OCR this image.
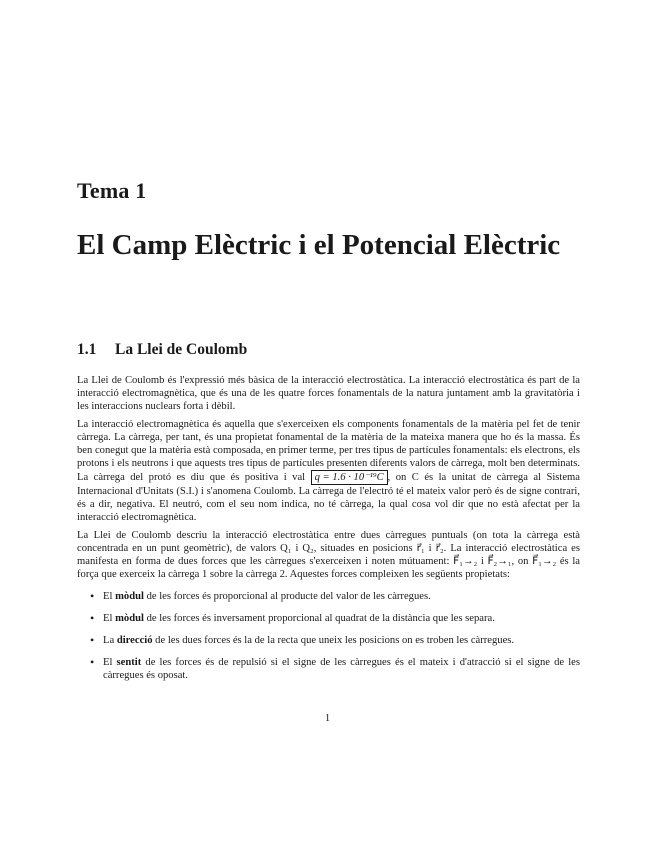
Tema 1
El Camp Elèctric i el Potencial Elèctric
1.1 La Llei de Coulomb

La Llei de Coulomb és l'expressió més bàsica de la interacció electrostàtica. La interacció electrostàtica és part de la interacció electromagnètica, que és una de les quatre forces fonamentals de la natura juntament amb la gravitatòria i les interaccions nuclears forta i dèbil.

La interacció electromagnètica és aquella que s'exerceixen els components fonamentals de la matèria pel fet de tenir càrrega. La càrrega, per tant, és una propietat fonamental de la matèria de la mateixa manera que ho és la massa. És ben conegut que la matèria està composada, en primer terme, per tres tipus de partícules fonamentals: els electrons, els protons i els neutrons i que aquests tres tipus de partícules presenten diferents valors de càrrega, molt ben determinats. La càrrega del protó es diu que és positiva i val q = 1.6 · 10⁻¹⁹C , on C és la unitat de càrrega al Sistema Internacional d'Unitats (S.I.) i s'anomena Coulomb. La càrrega de l'electró té el mateix valor però és de signe contrari, és a dir, negativa. El neutró, com el seu nom indica, no té càrrega, la qual cosa vol dir que no està afectat per la interacció electromagnètica.

La Llei de Coulomb descriu la interacció electrostàtica entre dues càrregues puntuals (on tota la càrrega està concentrada en un punt geomètric), de valors Q₁ i Q₂, situades en posicions r⃗₁ i r⃗₂. La interacció electrostàtica es manifesta en forma de dues forces que les càrregues s'exerceixen i noten mútuament: F⃗₁→₂ i F⃗₂→₁, on F⃗₁→₂ és la força que exerceix la càrrega 1 sobre la càrrega 2. Aquestes forces compleixen les següents propietats:

• El mòdul de les forces és proporcional al producte del valor de les càrregues.
• El mòdul de les forces és inversament proporcional al quadrat de la distància que les separa.
• La direcció de les dues forces és la de la recta que uneix les posicions on es troben les càrregues.
• El sentit de les forces és de repulsió si el signe de les càrregues és el mateix i d'atracció si el signe de les càrregues és oposat.
1
